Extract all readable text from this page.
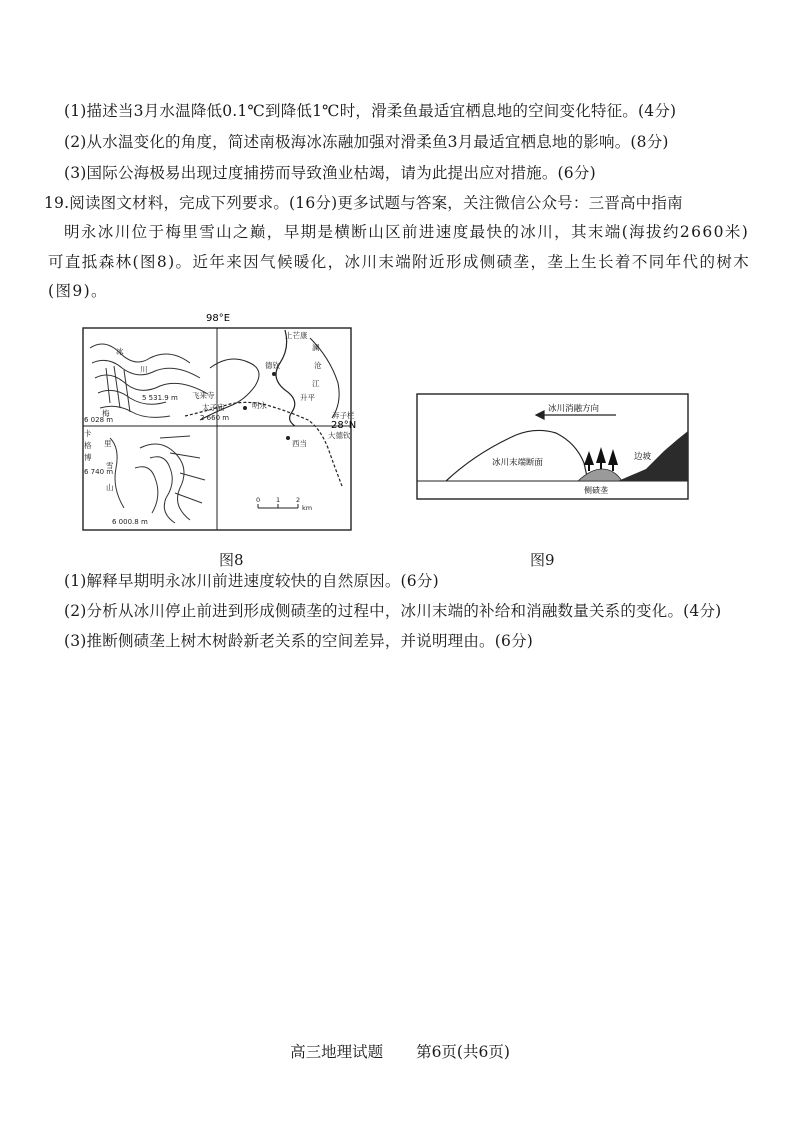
(1)描述当3月水温降低0.1℃到降低1℃时，滑柔鱼最适宜栖息地的空间变化特征。(4分)
(2)从水温变化的角度，简述南极海冰冻融加强对滑柔鱼3月最适宜栖息地的影响。(8分)
(3)国际公海极易出现过度捕捞而导致渔业枯竭，请为此提出应对措施。(6分)
19.阅读图文材料，完成下列要求。(16分)更多试题与答案，关注微信公众号：三晋高中指南
明永冰川位于梅里雪山之巅，早期是横断山区前进速度最快的冰川，其末端(海拔约2660米)
可直抵森林(图8)。近年来因气候暖化，冰川末端附近形成侧碛垄，垄上生长着不同年代的树木
(图9)。
98°E
28°N
上芒康
澜
沧
江
德钦
梅
里
雪
山
明永
西当
升平
大德钦
飞来寺
太子庙
奔子栏
卡
格
博
冰
川
5 531.9 m
6 028 m
6 740 m
2 660 m
6 000.8 m
0 1 2
km
冰川消融方向
冰川末端断面
侧碛垄
边坡
图8	图9
(1)解释早期明永冰川前进速度较快的自然原因。(6分)
(2)分析从冰川停止前进到形成侧碛垄的过程中，冰川末端的补给和消融数量关系的变化。(4分)
(3)推断侧碛垄上树木树龄新老关系的空间差异，并说明理由。(6分)
高三地理试题 第6页(共6页)
